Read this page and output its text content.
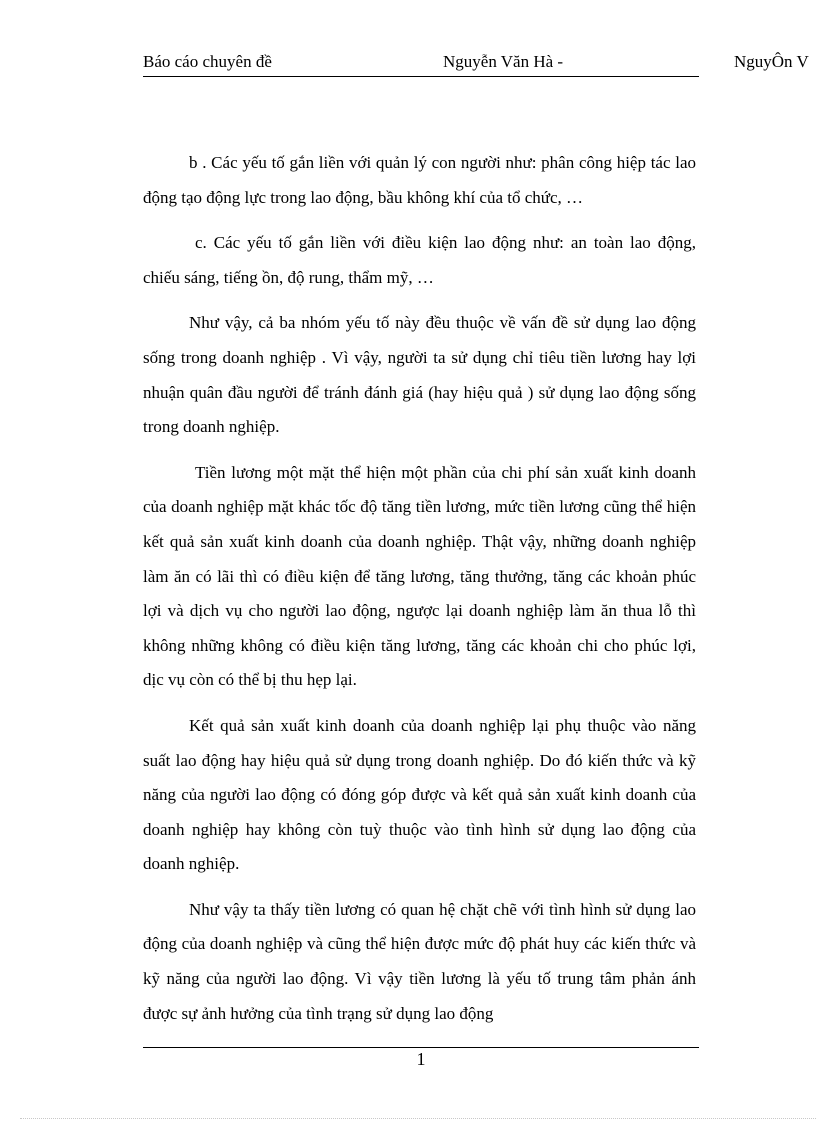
Báo cáo chuyên đề	Nguyễn Văn Hà -	NguyÔn V

b . Các yếu tố gắn liền với quản lý con người như: phân công hiệp tác lao động tạo động lực trong lao động, bầu không khí của tổ chức, …

c. Các yếu tố gắn liền với điều kiện lao động như: an toàn lao động, chiếu sáng, tiếng ồn, độ rung, thẩm mỹ, …

Như vậy, cả ba nhóm yếu tố này đều thuộc về vấn đề sử dụng lao động sống trong doanh nghiệp . Vì vậy, người ta sử dụng chỉ tiêu tiền lương hay lợi nhuận quân đầu người để tránh đánh giá (hay hiệu quả ) sử dụng lao động sống trong doanh nghiệp.

Tiền lương một mặt thể hiện một phần của chi phí sản xuất kinh doanh của doanh nghiệp mặt khác tốc độ tăng tiền lương, mức tiền lương cũng thể hiện kết quả sản xuất kinh doanh của doanh nghiệp. Thật vậy, những doanh nghiệp làm ăn có lãi thì có điều kiện để tăng lương, tăng thưởng, tăng các khoản phúc lợi và dịch vụ cho người lao động, ngược lại doanh nghiệp làm ăn thua lỗ thì không những không có điều kiện tăng lương, tăng các khoản chi cho phúc lợi, dịc vụ còn có thể bị thu hẹp lại.

Kết quả sản xuất kinh doanh của doanh nghiệp lại phụ thuộc vào năng suất lao động hay hiệu quả sử dụng trong doanh nghiệp. Do đó kiến thức và kỹ năng của người lao động có đóng góp được và kết quả sản xuất kinh doanh của doanh nghiệp hay không còn tuỳ thuộc vào tình hình sử dụng lao động của doanh nghiệp.

Như vậy ta thấy tiền lương có quan hệ chặt chẽ với tình hình sử dụng lao động của doanh nghiệp và cũng thể hiện được mức độ phát huy các kiến thức và kỹ năng của người lao động. Vì vậy tiền lương là yếu tố trung tâm phản ánh được sự ảnh hưởng của tình trạng sử dụng lao động

1
